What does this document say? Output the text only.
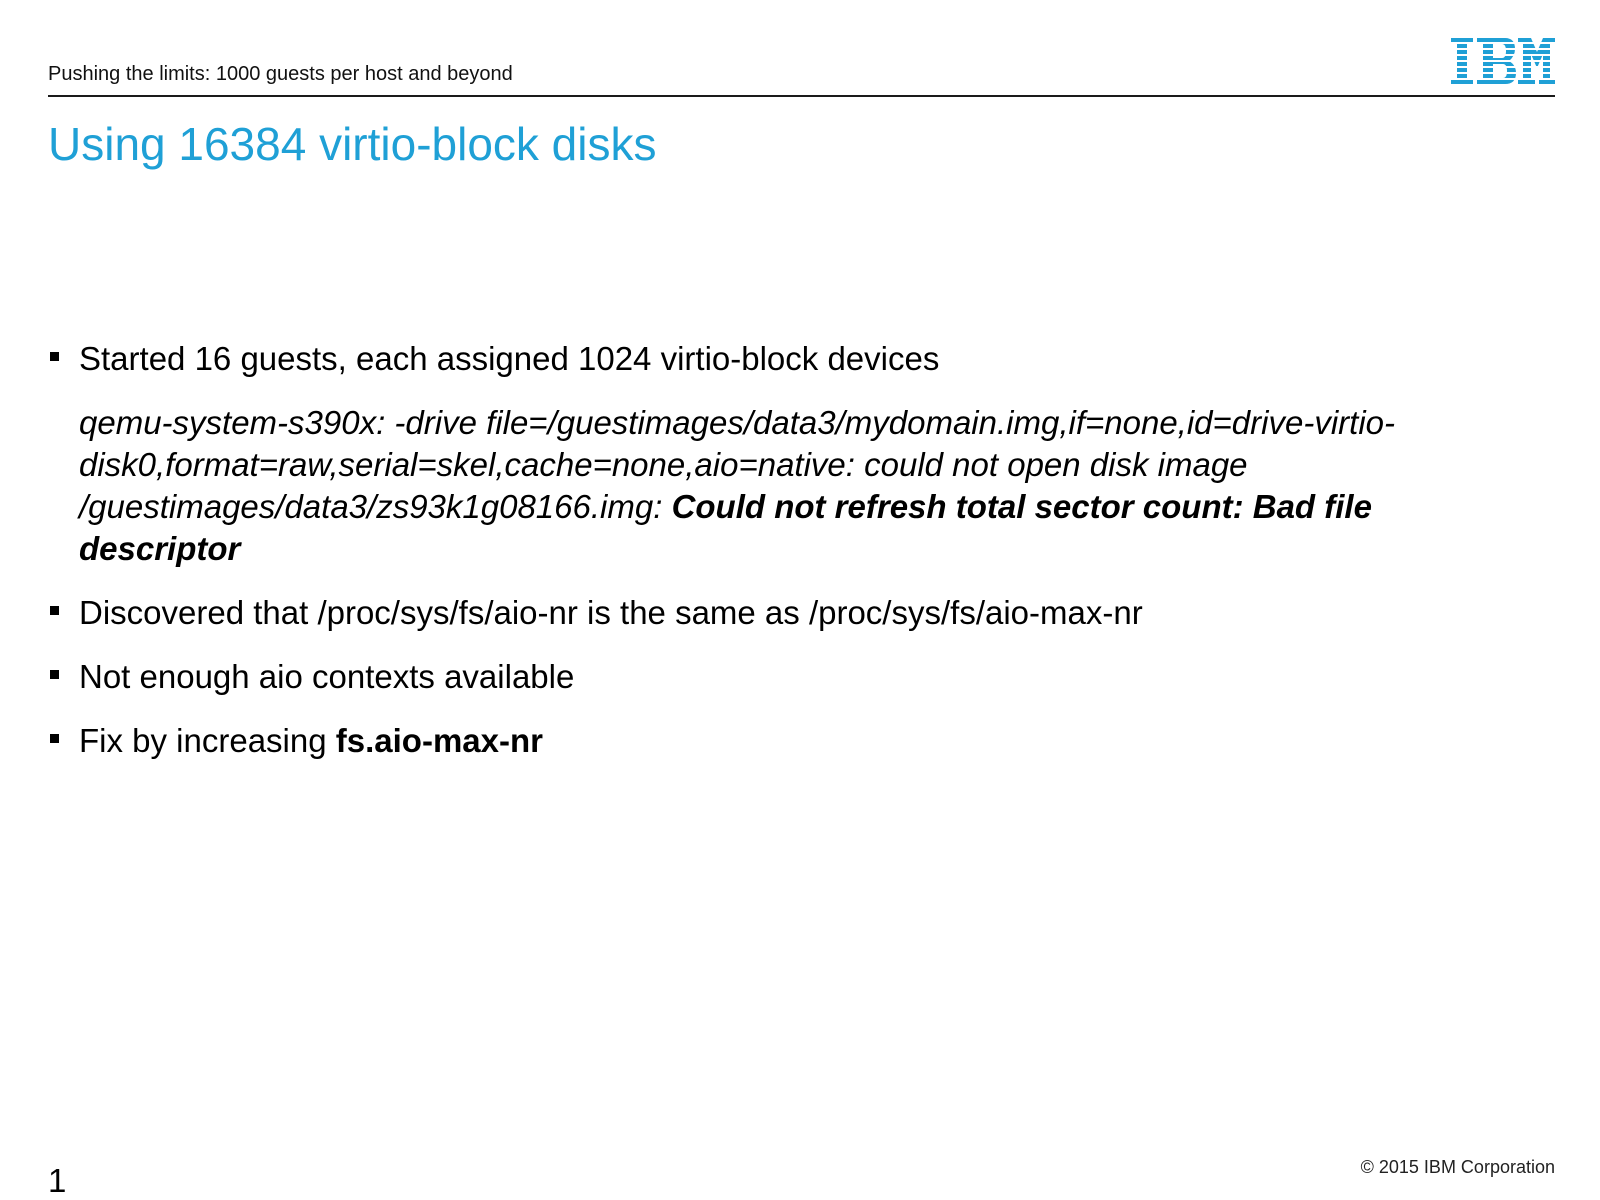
Pushing the limits: 1000 guests per host and beyond
Using 16384 virtio-block disks

Started 16 guests, each assigned 1024 virtio-block devices

qemu-system-s390x: -drive file=/guestimages/data3/mydomain.img,if=none,id=drive-virtio-disk0,format=raw,serial=skel,cache=none,aio=native: could not open disk image /guestimages/data3/zs93k1g08166.img: Could not refresh total sector count: Bad file descriptor

Discovered that /proc/sys/fs/aio-nr is the same as /proc/sys/fs/aio-max-nr

Not enough aio contexts available

Fix by increasing fs.aio-max-nr

1	© 2015 IBM Corporation
